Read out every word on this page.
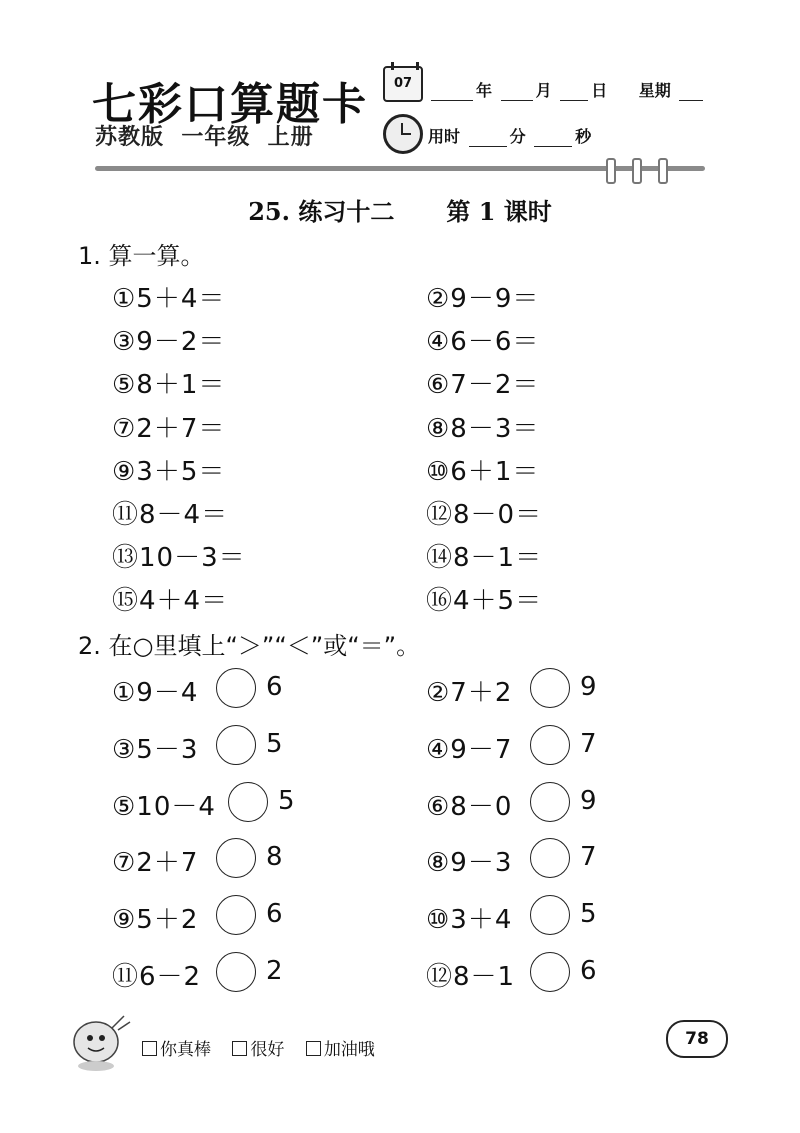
七彩口算题卡
苏教版  一年级  上册
07	年	月 日 星期
用时	分	秒
25. 练习十二 第 1 课时
1. 算一算。
①5＋4＝	②9－9＝
③9－2＝	④6－6＝
⑤8＋1＝	⑥7－2＝
⑦2＋7＝	⑧8－3＝
⑨3＋5＝	⑩6＋1＝
⑪8－4＝	⑫8－0＝
⑬10－3＝	⑭8－1＝
⑮4＋4＝	⑯4＋5＝
2. 在○里填上“＞”“＜”或“＝”。
①9－4	6	②7＋2	9
③5－3	5	④9－7	7
⑤10－4 5	⑥8－0	9
⑦2＋7	8	⑧9－3	7
⑨5＋2	6	⑩3＋4	5
⑪6－2 2	⑫8－1 6
你真棒 很好 加油哦
78
